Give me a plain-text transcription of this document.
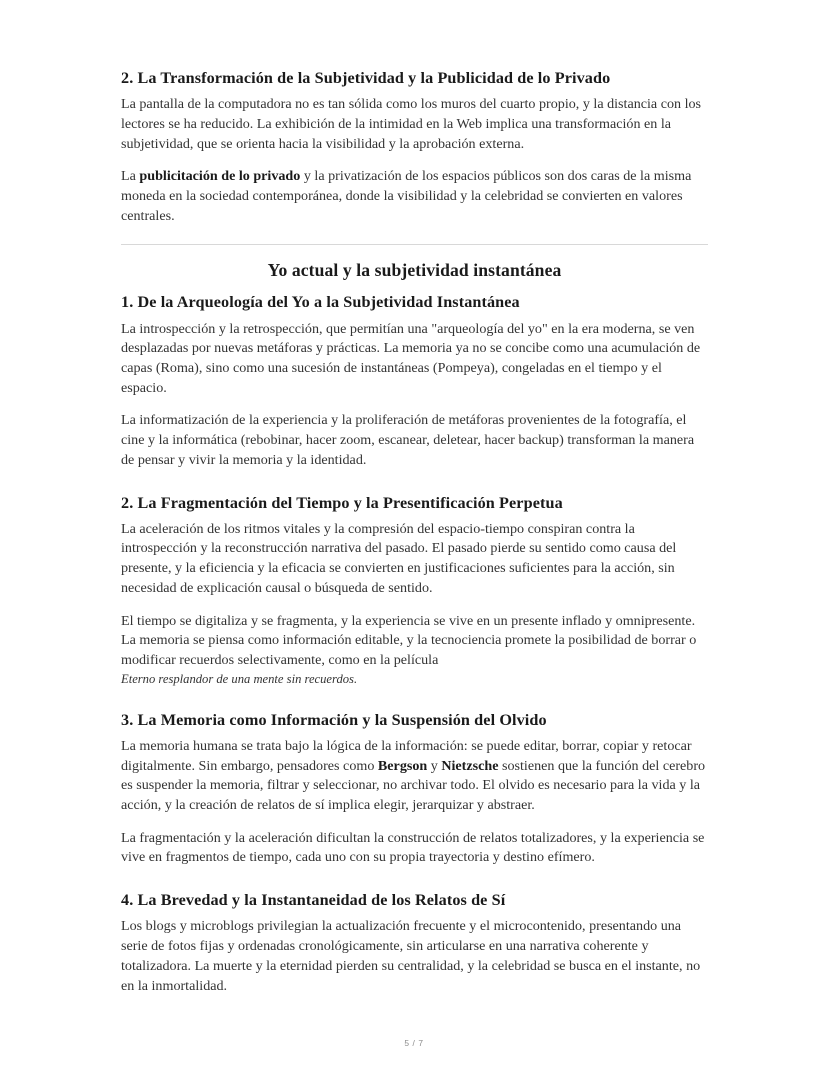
2. La Transformación de la Subjetividad y la Publicidad de lo Privado

La pantalla de la computadora no es tan sólida como los muros del cuarto propio, y la distancia con los lectores se ha reducido. La exhibición de la intimidad en la Web implica una transformación en la subjetividad, que se orienta hacia la visibilidad y la aprobación externa.

La publicitación de lo privado y la privatización de los espacios públicos son dos caras de la misma moneda en la sociedad contemporánea, donde la visibilidad y la celebridad se convierten en valores centrales.

Yo actual y la subjetividad instantánea
1. De la Arqueología del Yo a la Subjetividad Instantánea

La introspección y la retrospección, que permitían una "arqueología del yo" en la era moderna, se ven desplazadas por nuevas metáforas y prácticas. La memoria ya no se concibe como una acumulación de capas (Roma), sino como una sucesión de instantáneas (Pompeya), congeladas en el tiempo y el espacio.

La informatización de la experiencia y la proliferación de metáforas provenientes de la fotografía, el cine y la informática (rebobinar, hacer zoom, escanear, deletear, hacer backup) transforman la manera de pensar y vivir la memoria y la identidad.

2. La Fragmentación del Tiempo y la Presentificación Perpetua

La aceleración de los ritmos vitales y la compresión del espacio-tiempo conspiran contra la introspección y la reconstrucción narrativa del pasado. El pasado pierde su sentido como causa del presente, y la eficiencia y la eficacia se convierten en justificaciones suficientes para la acción, sin necesidad de explicación causal o búsqueda de sentido.

El tiempo se digitaliza y se fragmenta, y la experiencia se vive en un presente inflado y omnipresente. La memoria se piensa como información editable, y la tecnociencia promete la posibilidad de borrar o modificar recuerdos selectivamente, como en la película
Eterno resplandor de una mente sin recuerdos.

3. La Memoria como Información y la Suspensión del Olvido

La memoria humana se trata bajo la lógica de la información: se puede editar, borrar, copiar y retocar digitalmente. Sin embargo, pensadores como Bergson y Nietzsche sostienen que la función del cerebro es suspender la memoria, filtrar y seleccionar, no archivar todo. El olvido es necesario para la vida y la acción, y la creación de relatos de sí implica elegir, jerarquizar y abstraer.

La fragmentación y la aceleración dificultan la construcción de relatos totalizadores, y la experiencia se vive en fragmentos de tiempo, cada uno con su propia trayectoria y destino efímero.

4. La Brevedad y la Instantaneidad de los Relatos de Sí

Los blogs y microblogs privilegian la actualización frecuente y el microcontenido, presentando una serie de fotos fijas y ordenadas cronológicamente, sin articularse en una narrativa coherente y totalizadora. La muerte y la eternidad pierden su centralidad, y la celebridad se busca en el instante, no en la inmortalidad.

5 / 7
